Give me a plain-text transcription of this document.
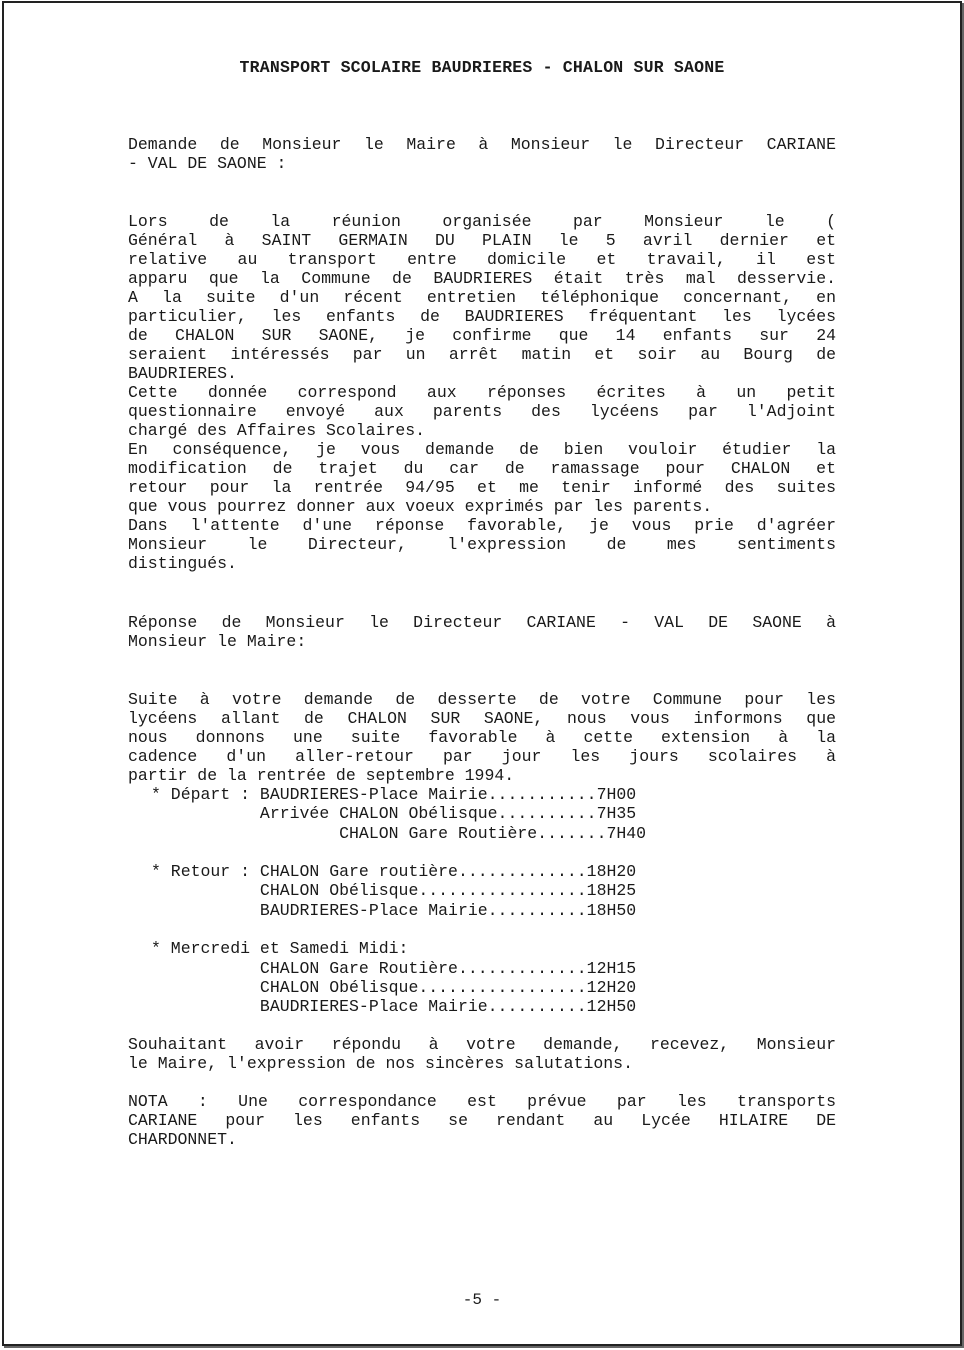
TRANSPORT SCOLAIRE BAUDRIERES - CHALON SUR SAONE
Demande de Monsieur le Maire à Monsieur le Directeur CARIANE
- VAL DE SAONE :
Lors de la réunion organisée par Monsieur le (
Général à SAINT GERMAIN DU PLAIN le 5 avril dernier et
relative au transport entre domicile et travail, il est
apparu que la Commune de BAUDRIERES était très mal desservie.
A la suite d'un récent entretien téléphonique concernant, en
particulier, les enfants de BAUDRIERES fréquentant les lycées
de CHALON SUR SAONE, je confirme que 14 enfants sur 24
seraient intéressés par un arrêt matin et soir au Bourg de
BAUDRIERES.
Cette donnée correspond aux réponses écrites à un petit
questionnaire envoyé aux parents des lycéens par l'Adjoint
chargé des Affaires Scolaires.
En conséquence, je vous demande de bien vouloir étudier la
modification de trajet du car de ramassage pour CHALON et
retour pour la rentrée 94/95 et me tenir informé des suites
que vous pourrez donner aux voeux exprimés par les parents.
Dans l'attente d'une réponse favorable, je vous prie d'agréer
Monsieur le Directeur, l'expression de mes sentiments
distingués.
Réponse de Monsieur le Directeur CARIANE - VAL DE SAONE à
Monsieur le Maire:
Suite à votre demande de desserte de votre Commune pour les
lycéens allant de CHALON SUR SAONE, nous vous informons que
nous donnons une suite favorable à cette extension à la
cadence d'un aller-retour par jour les jours scolaires à
partir de la rentrée de septembre 1994.
* Départ : BAUDRIERES-Place Mairie...........7H00
Arrivée CHALON Obélisque..........7H35
CHALON Gare Routière.......7H40

* Retour : CHALON Gare routière.............18H20
CHALON Obélisque.................18H25
BAUDRIERES-Place Mairie..........18H50

* Mercredi et Samedi Midi:
CHALON Gare Routière.............12H15
CHALON Obélisque.................12H20
BAUDRIERES-Place Mairie..........12H50
Souhaitant avoir répondu à votre demande, recevez, Monsieur
le Maire, l'expression de nos sincères salutations.
NOTA : Une correspondance est prévue par les transports
CARIANE pour les enfants se rendant au Lycée HILAIRE DE
CHARDONNET.
-5 -
